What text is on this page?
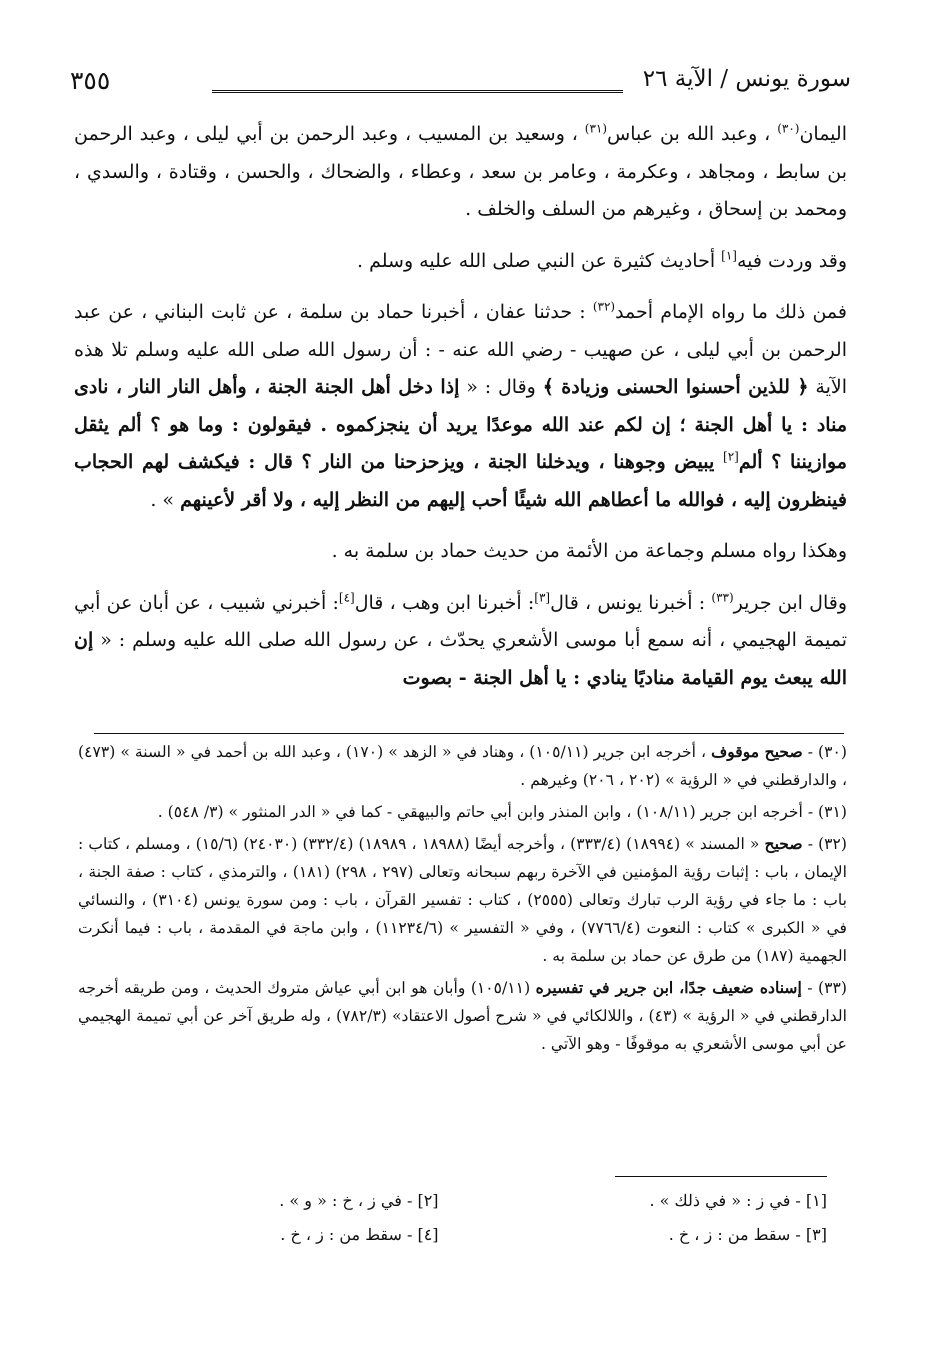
٣٥٥	سورة يونس / الآية ٢٦

اليمان$^{(٣٠)}$ ، وعبد الله بن عباس$^{(٣١)}$ ، وسعيد بن المسيب ، وعبد الرحمن بن أبي ليلى ، وعبد الرحمن بن سابط ، ومجاهد ، وعكرمة ، وعامر بن سعد ، وعطاء ، والضحاك ، والحسن ، وقتادة ، والسدي ، ومحمد بن إسحاق ، وغيرهم من السلف والخلف .

وقد وردت فيه[١] أحاديث كثيرة عن النبي صلى الله عليه وسلم .

فمن ذلك ما رواه الإمام أحمد$^{(٣٢)}$ : حدثنا عفان ، أخبرنا حماد بن سلمة ، عن ثابت البناني ، عن عبد الرحمن بن أبي ليلى ، عن صهيب - رضي الله عنه - : أن رسول الله صلى الله عليه وسلم تلا هذه الآية ﴿ للذين أحسنوا الحسنى وزيادة ﴾ وقال : « إذا دخل أهل الجنة الجنة ، وأهل النار النار ، نادى مناد : يا أهل الجنة ؛ إن لكم عند الله موعدًا يريد أن ينجزكموه . فيقولون : وما هو ؟ ألم يثقل موازيننا ؟ ألم[٢] يبيض وجوهنا ، ويدخلنا الجنة ، ويزحزحنا من النار ؟ قال : فيكشف لهم الحجاب فينظرون إليه ، فوالله ما أعطاهم الله شيئًا أحب إليهم من النظر إليه ، ولا أقر لأعينهم » .

وهكذا رواه مسلم وجماعة من الأئمة من حديث حماد بن سلمة به .

وقال ابن جرير$^{(٣٣)}$ : أخبرنا يونس ، قال[٣]: أخبرنا ابن وهب ، قال[٤]: أخبرني شبيب ، عن أبان عن أبي تميمة الهجيمي ، أنه سمع أبا موسى الأشعري يحدّث ، عن رسول الله صلى الله عليه وسلم : « إن الله يبعث يوم القيامة مناديًا ينادي : يا أهل الجنة - بصوت

(٣٠) - صحيح موقوف ، أخرجه ابن جرير (١٠٥/١١) ، وهناد في « الزهد » (١٧٠) ، وعبد الله بن أحمد في « السنة » (٤٧٣) ، والدارقطني في « الرؤية » (٢٠٢ ، ٢٠٦) وغيرهم .

(٣١) - أخرجه ابن جرير (١٠٨/١١) ، وابن المنذر وابن أبي حاتم والبيهقي - كما في « الدر المنثور » (٣/ ٥٤٨) .

(٣٢) - صحيح « المسند » (١٨٩٩٤) (٣٣٣/٤) ، وأخرجه أيضًا (١٨٩٨٨ ، ١٨٩٨٩) (٣٣٢/٤) (٢٤٠٣٠) (١٥/٦) ، ومسلم ، كتاب : الإيمان ، باب : إثبات رؤية المؤمنين في الآخرة ربهم سبحانه وتعالى (٢٩٧ ، ٢٩٨) (١٨١) ، والترمذي ، كتاب : صفة الجنة ، باب : ما جاء في رؤية الرب تبارك وتعالى (٢٥٥٥) ، كتاب : تفسير القرآن ، باب : ومن سورة يونس (٣١٠٤) ، والنسائي في « الكبرى » كتاب : النعوت (٧٧٦٦/٤) ، وفي « التفسير » (١١٢٣٤/٦) ، وابن ماجة في المقدمة ، باب : فيما أنكرت الجهمية (١٨٧) من طرق عن حماد بن سلمة به .

(٣٣) - إسناده ضعيف جدًا، ابن جرير في تفسيره (١٠٥/١١) وأبان هو ابن أبي عياش متروك الحديث ، ومن طريقه أخرجه الدارقطني في « الرؤية » (٤٣) ، واللالكائي في « شرح أصول الاعتقاد» (٧٨٢/٣) ، وله طريق آخر عن أبي تميمة الهجيمي عن أبي موسى الأشعري به موقوفًا - وهو الآتي .

[١] - في ز : « في ذلك » .
[٢] - في ز ، خ : « و » .
[٣] - سقط من : ز ، خ .
[٤] - سقط من : ز ، خ .
